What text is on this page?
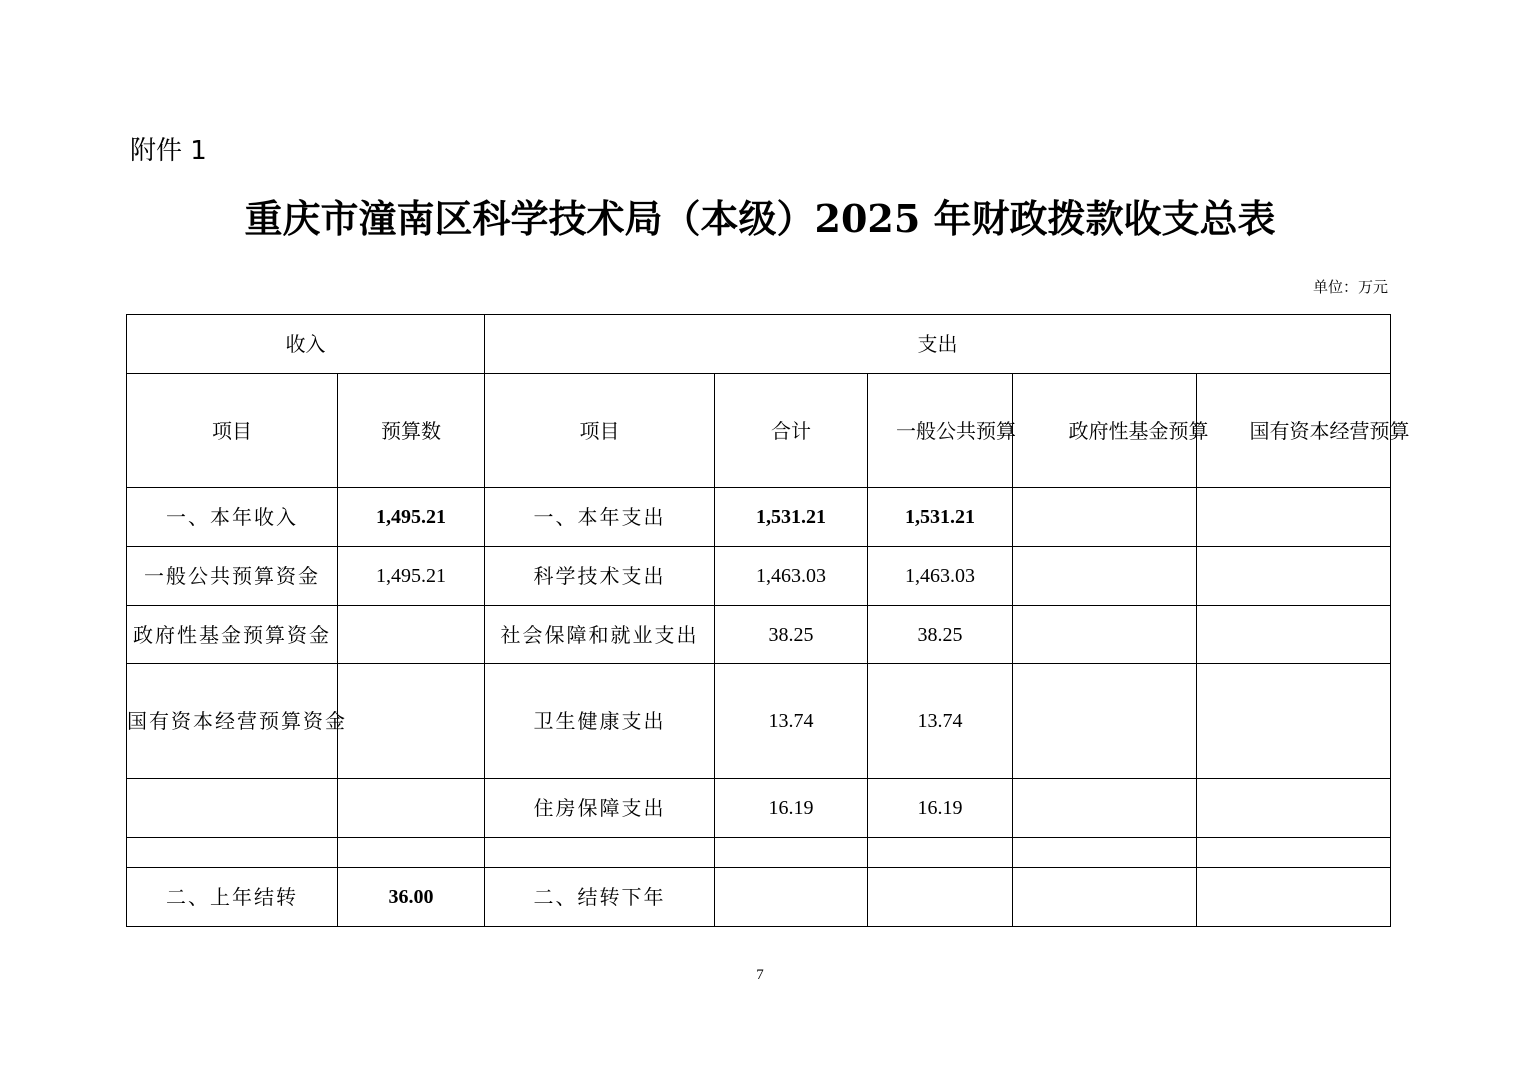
附件 1
重庆市潼南区科学技术局（本级）2025 年财政拨款收支总表
单位：万元
收入		支出				
项目	预算数	项目	合计	一般公共预算	政府性基金预算	国有资本经营预算

一、本年收入	1,495.21	一、本年支出	1,531.21	1,531.21		
一般公共预算资金	1,495.21	科学技术支出	1,463.03	1,463.03		
政府性基金预算资金		社会保障和就业支出	38.25	38.25		

国有资本经营预算资金		卫生健康支出	13.74	13.74		
		住房保障支出	16.19	16.19		

二、上年结转	36.00	二、结转下年				
7
